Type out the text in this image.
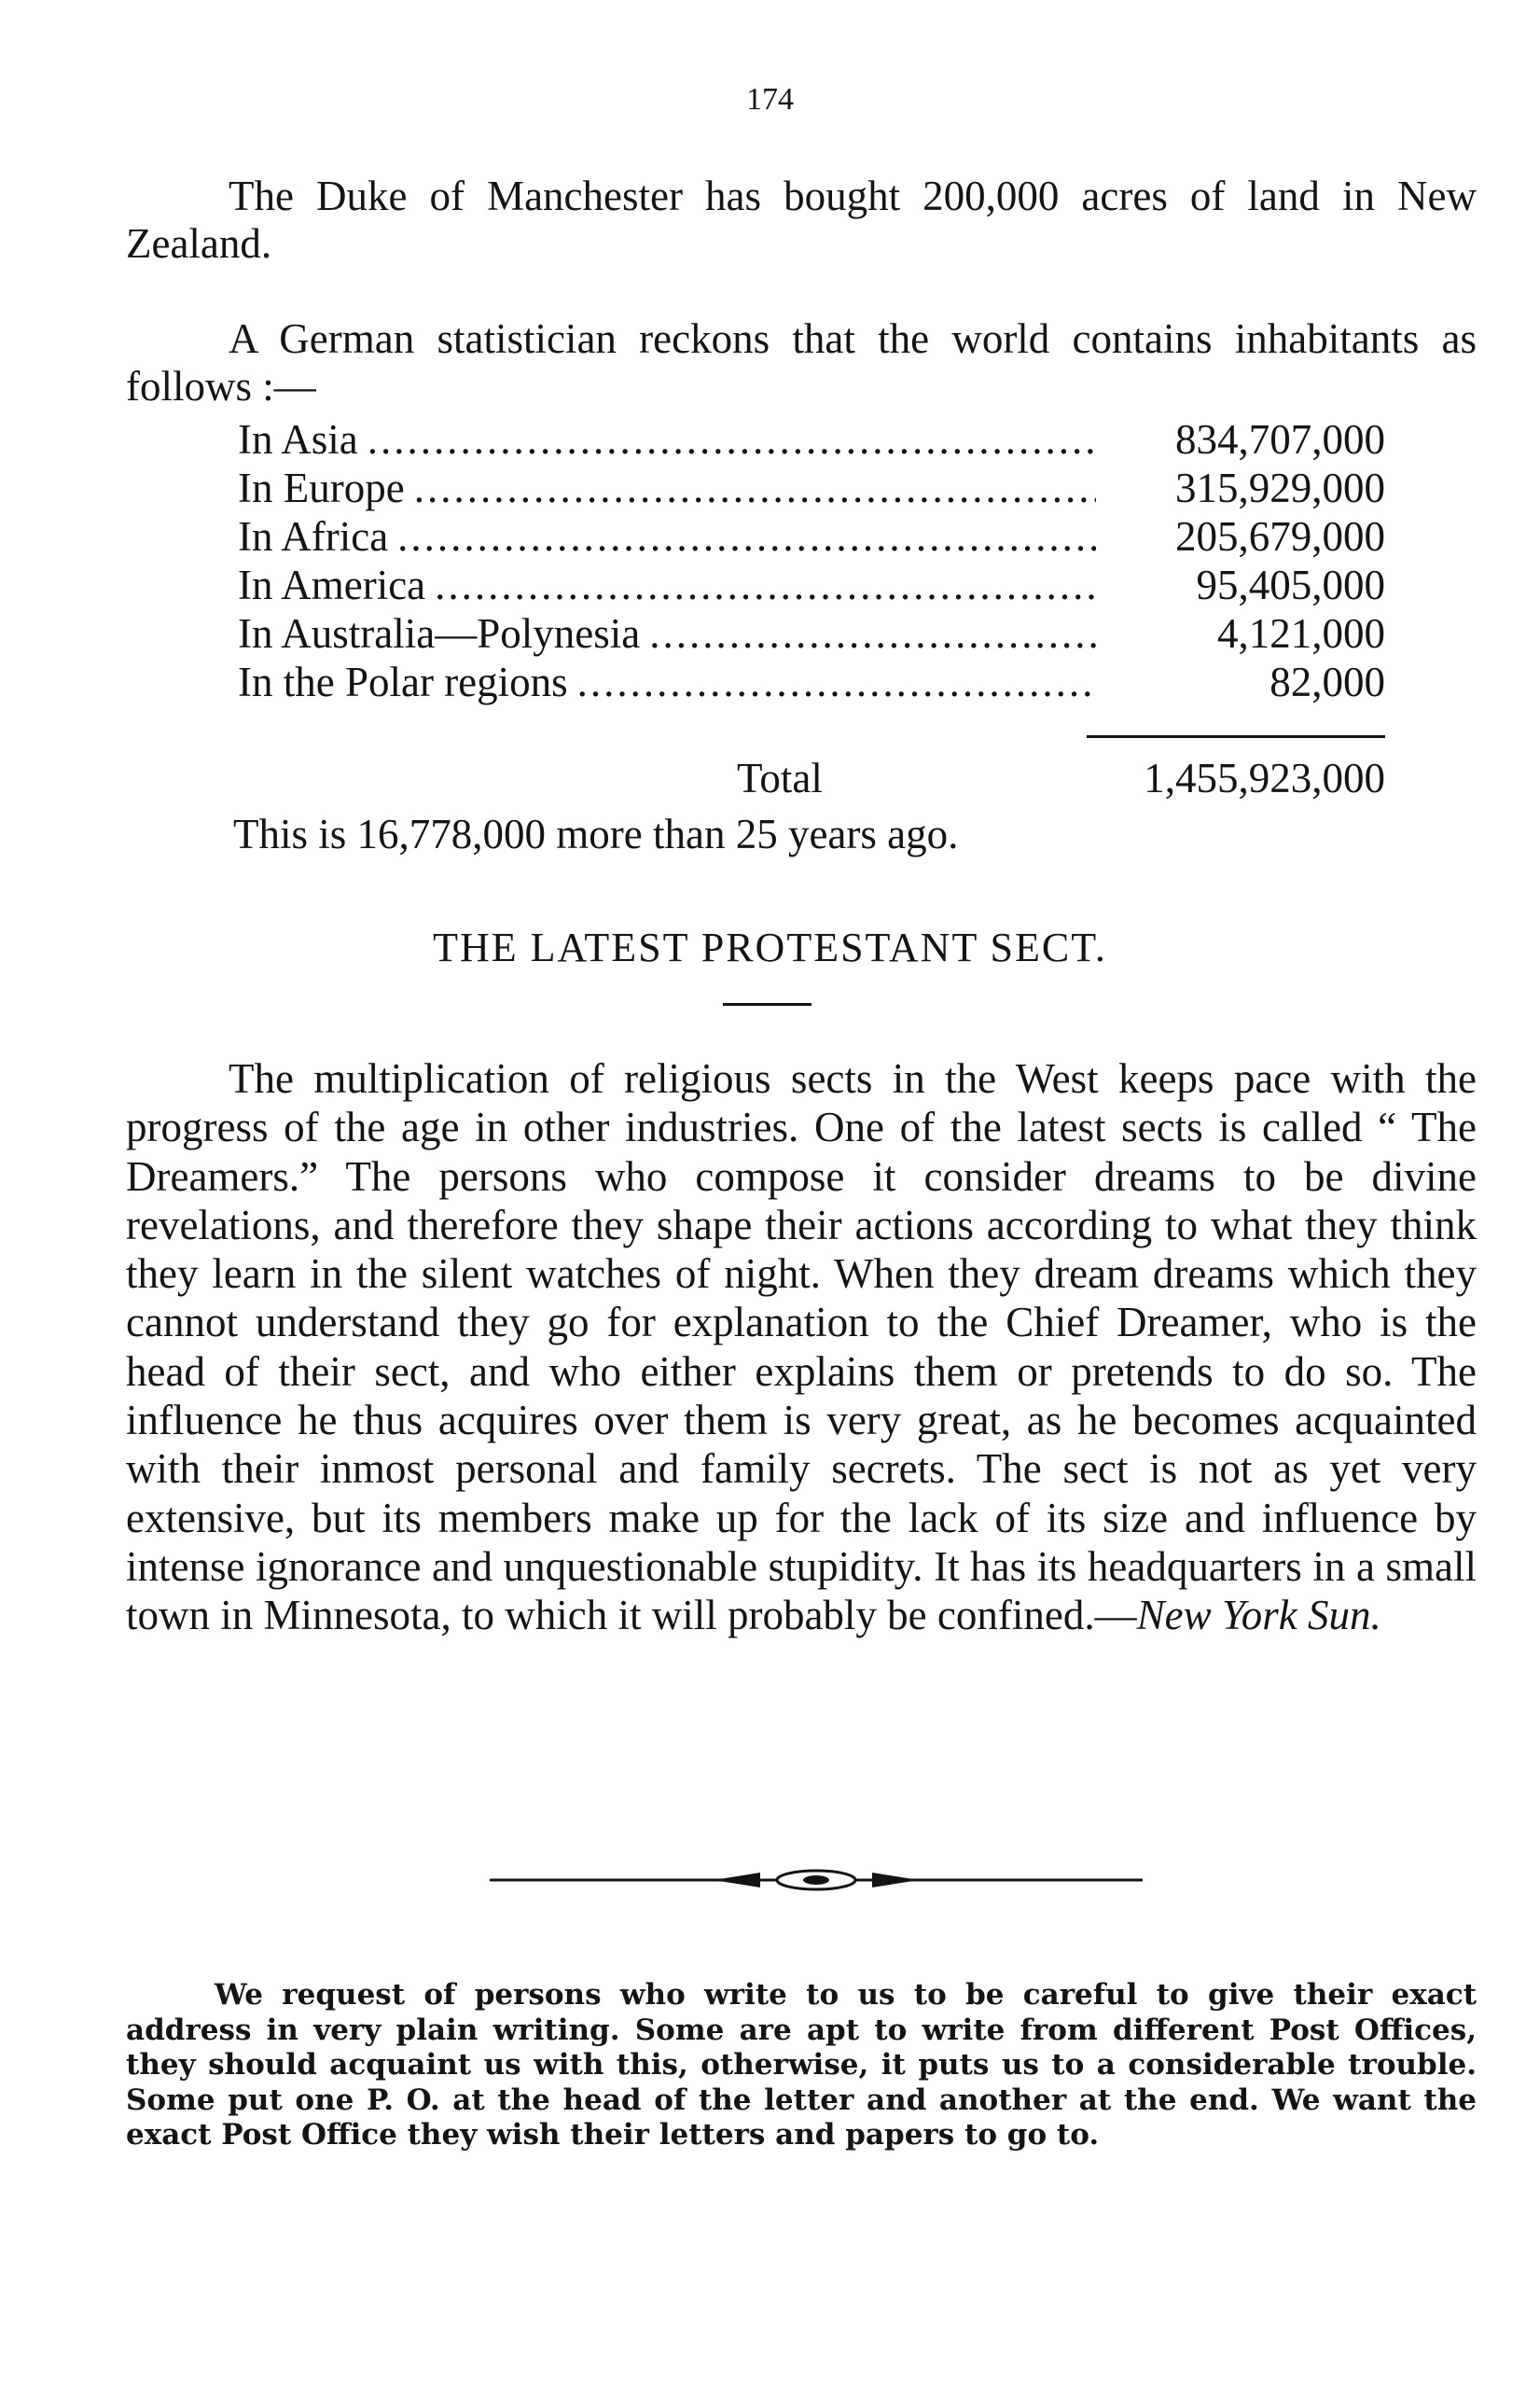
174

The Duke of Manchester has bought 200,000 acres of land in New Zealand.

A German statistician reckons that the world contains inhabitants as follows :—

In Asia .....	834,707,000
In Europe .....	315,929,000
In Africa .....	205,679,000
In America .....	95,405,000
In Australia—Polynesia .....	4,121,000
In the Polar regions .....	82,000
Total	1,455,923,000
This is 16,778,000 more than 25 years ago.
THE LATEST PROTESTANT SECT.

The multiplication of religious sects in the West keeps pace with the progress of the age in other industries. One of the latest sects is called “ The Dreamers.” The persons who compose it consider dreams to be divine revelations, and therefore they shape their actions according to what they think they learn in the silent watches of night. When they dream dreams which they cannot understand they go for explanation to the Chief Dreamer, who is the head of their sect, and who either explains them or pretends to do so. The influence he thus acquires over them is very great, as he becomes acquainted with their inmost personal and family secrets. The sect is not as yet very extensive, but its members make up for the lack of its size and influence by intense ignorance and unquestionable stupidity. It has its headquarters in a small town in Minnesota, to which it will probably be confined.—New York Sun.

We request of persons who write to us to be careful to give their exact address in very plain writing. Some are apt to write from different Post Offices, they should acquaint us with this, otherwise, it puts us to a considerable trouble. Some put one P. O. at the head of the letter and another at the end. We want the exact Post Office they wish their letters and papers to go to.
